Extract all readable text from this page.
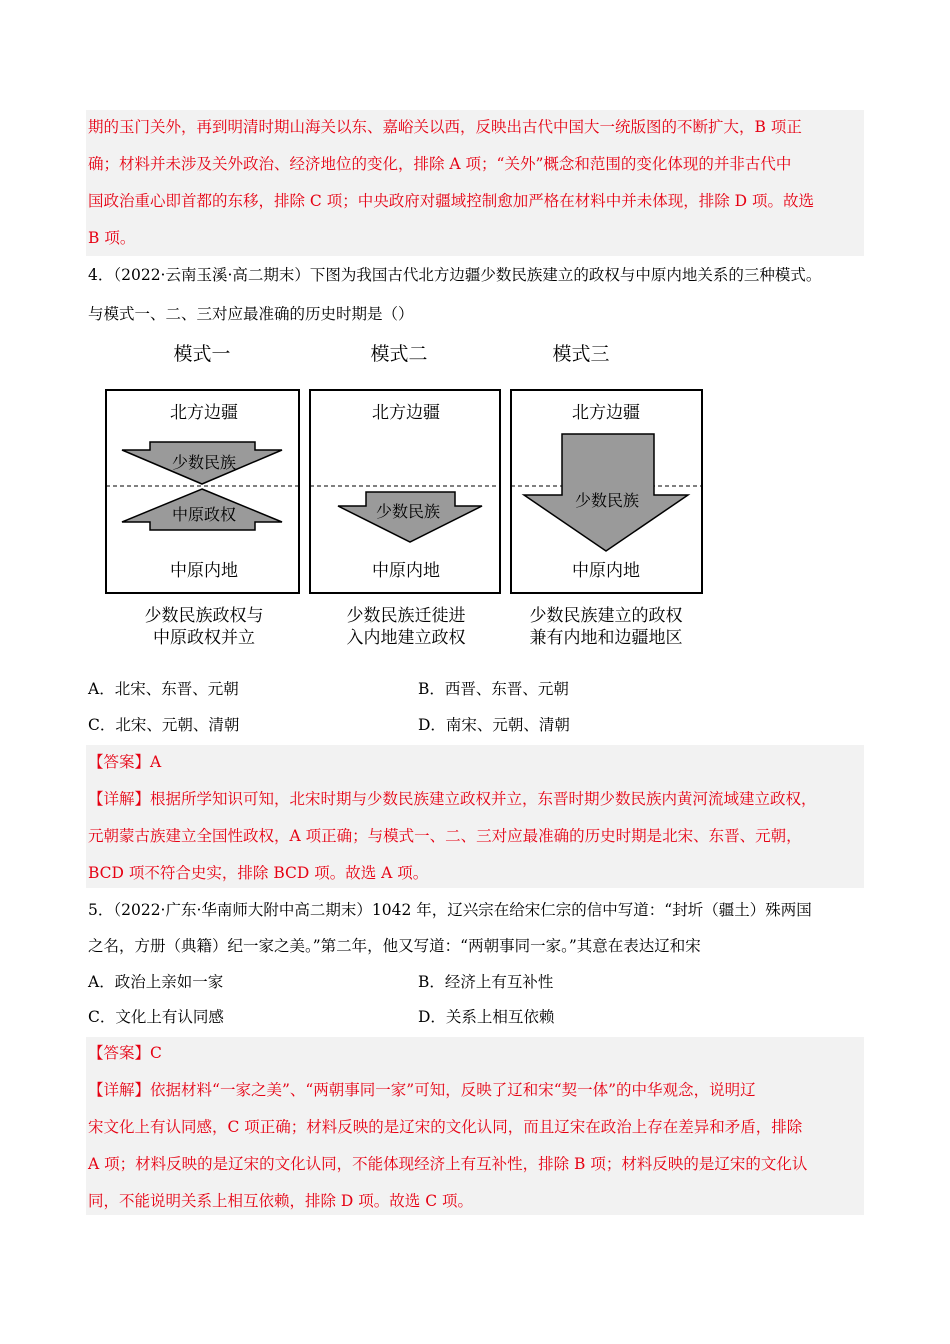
期的玉门关外，再到明清时期山海关以东、嘉峪关以西，反映出古代中国大一统版图的不断扩大，B 项正
确；材料并未涉及关外政治、经济地位的变化，排除 A 项；“关外”概念和范围的变化体现的并非古代中
国政治重心即首都的东移，排除 C 项；中央政府对疆域控制愈加严格在材料中并未体现，排除 D 项。故选
B 项。
4．（2022·云南玉溪·高二期末）下图为我国古代北方边疆少数民族建立的政权与中原内地关系的三种模式。
与模式一、二、三对应最准确的历史时期是（）
模式一	模式二	模式三
北方边疆
少数民族
中原政权
中原内地
北方边疆
少数民族
中原内地
北方边疆
少数民族
中原内地
少数民族政权与
中原政权并立
少数民族迁徙进
入内地建立政权
少数民族建立的政权
兼有内地和边疆地区
A．北宋、东晋、元朝	B．西晋、东晋、元朝
C．北宋、元朝、清朝	D．南宋、元朝、清朝
【答案】A
【详解】根据所学知识可知，北宋时期与少数民族建立政权并立，东晋时期少数民族内黄河流域建立政权，
元朝蒙古族建立全国性政权，A 项正确；与模式一、二、三对应最准确的历史时期是北宋、东晋、元朝，
BCD 项不符合史实，排除 BCD 项。故选 A 项。
5．（2022·广东·华南师大附中高二期末）1042 年，辽兴宗在给宋仁宗的信中写道：“封圻（疆土）殊两国
之名，方册（典籍）纪一家之美。”第二年，他又写道：“两朝事同一家。”其意在表达辽和宋
A．政治上亲如一家	B．经济上有互补性
C．文化上有认同感	D．关系上相互依赖
【答案】C
【详解】依据材料“一家之美”、“两朝事同一家”可知，反映了辽和宋“契一体”的中华观念，说明辽
宋文化上有认同感，C 项正确；材料反映的是辽宋的文化认同，而且辽宋在政治上存在差异和矛盾，排除
A 项；材料反映的是辽宋的文化认同，不能体现经济上有互补性，排除 B 项；材料反映的是辽宋的文化认
同，不能说明关系上相互依赖，排除 D 项。故选 C 项。
